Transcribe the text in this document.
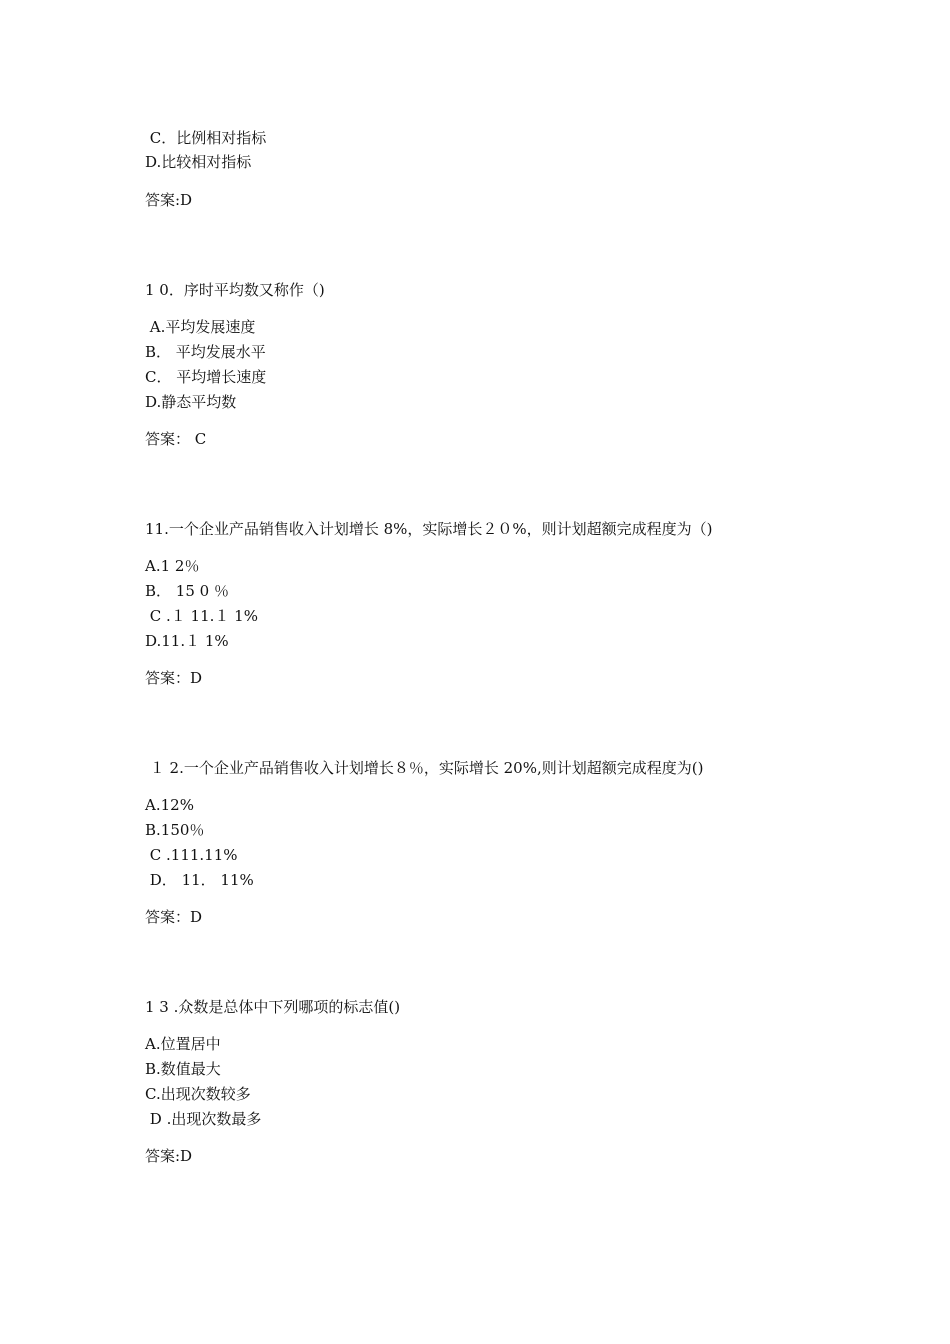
C．比例相对指标
D.比较相对指标
答案:D
1 0．序时平均数又称作（)
A.平均发展速度
B． 平均发展水平
C． 平均增长速度
D.静态平均数
答案： C
11.一个企业产品销售收入计划增长 8%，实际增长２０%，则计划超额完成程度为（)
A.1 2％
B． 15 0 ％
C .１ 11.１ 1%
D.11.１ 1%
答案：D
１ 2.一个企业产品销售收入计划增长８％，实际增长 20%,则计划超额完成程度为()
A.12%
B.150％
C .111.11%
D． 11． 11%
答案：D
1 3 .众数是总体中下列哪项的标志值()
A.位置居中
B.数值最大
C.出现次数较多
D .出现次数最多
答案:D
